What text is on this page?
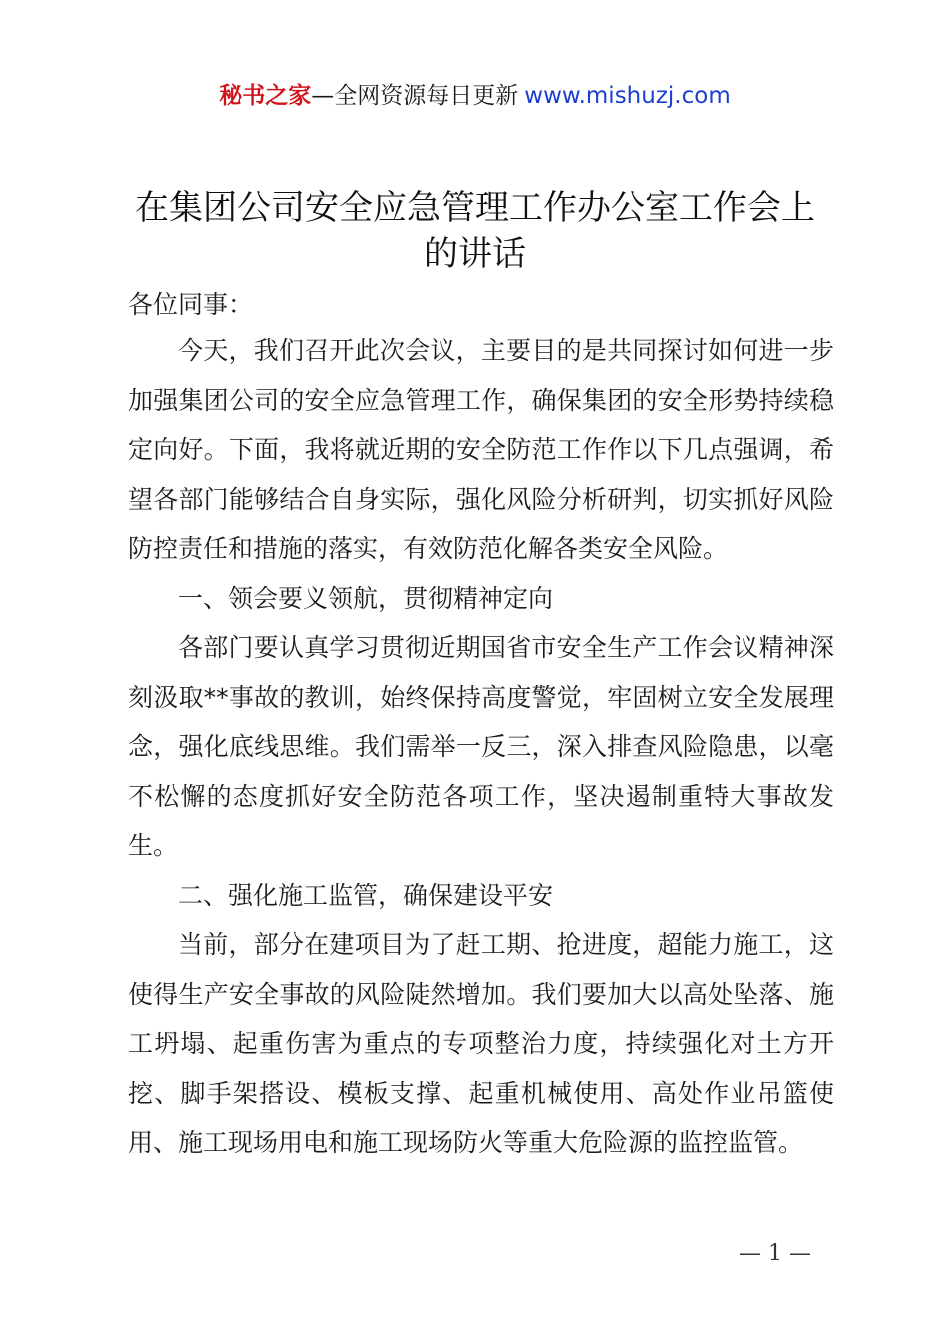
秘书之家—全网资源每日更新 www.mishuzj.com
在集团公司安全应急管理工作办公室工作会上的讲话

各位同事：

今天，我们召开此次会议，主要目的是共同探讨如何进一步加强集团公司的安全应急管理工作，确保集团的安全形势持续稳定向好。下面，我将就近期的安全防范工作作以下几点强调，希望各部门能够结合自身实际，强化风险分析研判，切实抓好风险防控责任和措施的落实，有效防范化解各类安全风险。

一、领会要义领航，贯彻精神定向

各部门要认真学习贯彻近期国省市安全生产工作会议精神深刻汲取**事故的教训，始终保持高度警觉，牢固树立安全发展理念，强化底线思维。我们需举一反三，深入排查风险隐患，以毫不松懈的态度抓好安全防范各项工作，坚决遏制重特大事故发生。

二、强化施工监管，确保建设平安

当前，部分在建项目为了赶工期、抢进度，超能力施工，这使得生产安全事故的风险陡然增加。我们要加大以高处坠落、施工坍塌、起重伤害为重点的专项整治力度，持续强化对土方开挖、脚手架搭设、模板支撑、起重机械使用、高处作业吊篮使用、施工现场用电和施工现场防火等重大危险源的监控监管。

— 1 —
